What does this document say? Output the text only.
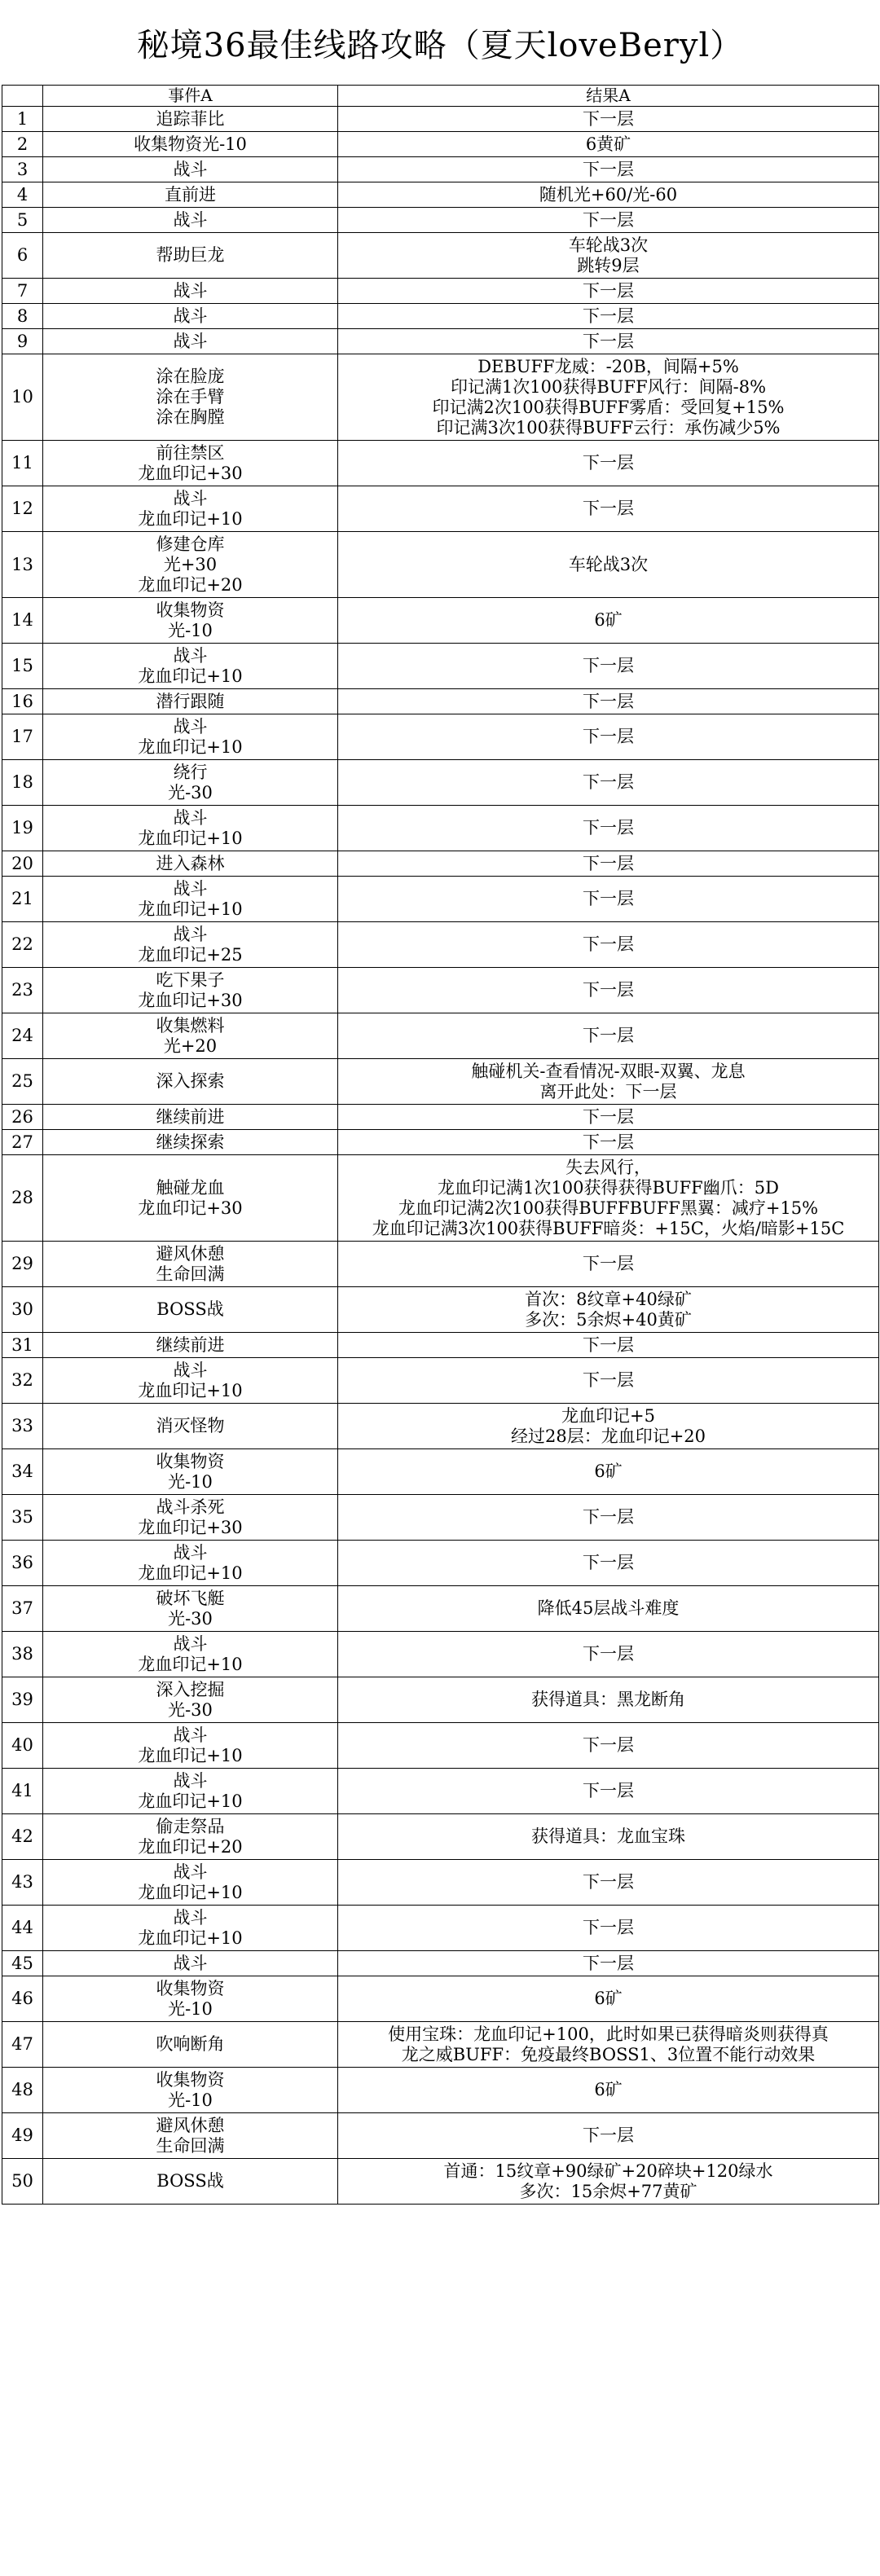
秘境36最佳线路攻略（夏天loveBeryl）
	事件A	结果A
1	追踪菲比	下一层

2	收集物资光-10	6黄矿

3	战斗	下一层

4	直前进	随机光+60/光-60

5	战斗	下一层

6	帮助巨龙	车轮战3次
跳转9层

7	战斗	下一层

8	战斗	下一层

9	战斗	下一层

10	涂在脸庞
涂在手臂
涂在胸膛	DEBUFF龙威：-20B，间隔+5%
印记满1次100获得BUFF风行：间隔-8%
印记满2次100获得BUFF雾盾：受回复+15%
印记满3次100获得BUFF云行：承伤减少5%

11	前往禁区
龙血印记+30	下一层

12	战斗
龙血印记+10	下一层

13	修建仓库
光+30
龙血印记+20	车轮战3次

14	收集物资
光-10	6矿

15	战斗
龙血印记+10	下一层

16	潜行跟随	下一层

17	战斗
龙血印记+10	下一层

18	绕行
光-30	下一层

19	战斗
龙血印记+10	下一层

20	进入森林	下一层

21	战斗
龙血印记+10	下一层

22	战斗
龙血印记+25	下一层

23	吃下果子
龙血印记+30	下一层

24	收集燃料
光+20	下一层

25	深入探索	触碰机关-查看情况-双眼-双翼、龙息
离开此处：下一层

26	继续前进	下一层

27	继续探索	下一层

28	触碰龙血
龙血印记+30	失去风行，
龙血印记满1次100获得获得BUFF幽爪：5D
龙血印记满2次100获得BUFFBUFF黑翼：减疗+15%
龙血印记满3次100获得BUFF暗炎：+15C，火焰/暗影+15C

29	避风休憩
生命回满	下一层

30	BOSS战	首次：8纹章+40绿矿
多次：5余烬+40黄矿

31	继续前进	下一层

32	战斗
龙血印记+10	下一层

33	消灭怪物	龙血印记+5
经过28层：龙血印记+20

34	收集物资
光-10	6矿

35	战斗杀死
龙血印记+30	下一层

36	战斗
龙血印记+10	下一层

37	破坏飞艇
光-30	降低45层战斗难度

38	战斗
龙血印记+10	下一层

39	深入挖掘
光-30	获得道具：黑龙断角

40	战斗
龙血印记+10	下一层

41	战斗
龙血印记+10	下一层

42	偷走祭品
龙血印记+20	获得道具：龙血宝珠

43	战斗
龙血印记+10	下一层

44	战斗
龙血印记+10	下一层

45	战斗	下一层

46	收集物资
光-10	6矿

47	吹响断角	使用宝珠：龙血印记+100，此时如果已获得暗炎则获得真
龙之威BUFF：免疫最终BOSS1、3位置不能行动效果

48	收集物资
光-10	6矿

49	避风休憩
生命回满	下一层

50	BOSS战	首通：15纹章+90绿矿+20碎块+120绿水
多次：15余烬+77黄矿
